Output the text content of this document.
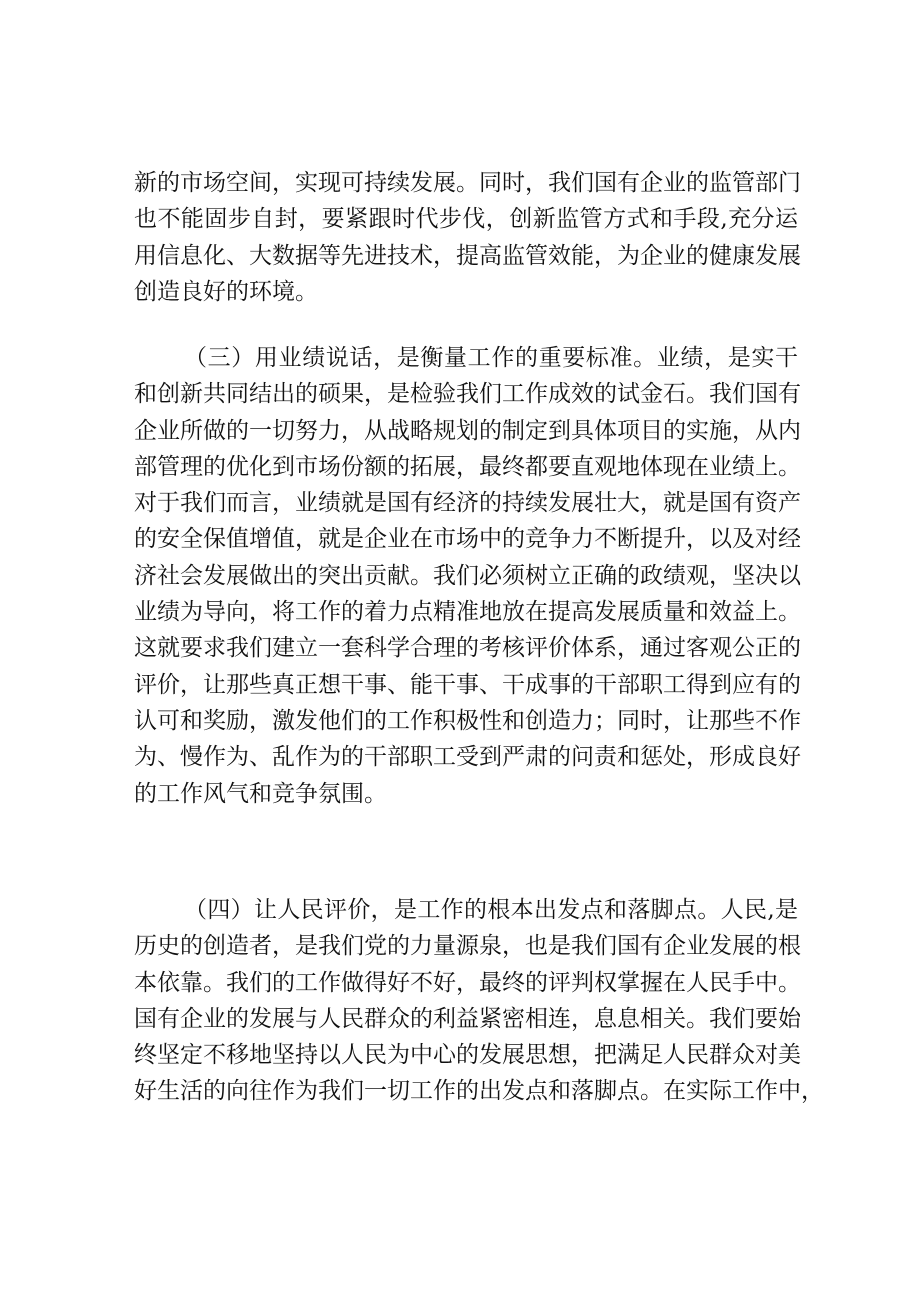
新的市场空间，实现可持续发展。同时，我们国有企业的监管部门
也不能固步自封，要紧跟时代步伐，创新监管方式和手段,充分运
用信息化、大数据等先进技术，提高监管效能，为企业的健康发展
创造良好的环境。
（三）用业绩说话，是衡量工作的重要标准。业绩，是实干
和创新共同结出的硕果，是检验我们工作成效的试金石。我们国有
企业所做的一切努力，从战略规划的制定到具体项目的实施，从内
部管理的优化到市场份额的拓展，最终都要直观地体现在业绩上。
对于我们而言，业绩就是国有经济的持续发展壮大，就是国有资产
的安全保值增值，就是企业在市场中的竞争力不断提升，以及对经
济社会发展做出的突出贡献。我们必须树立正确的政绩观，坚决以
业绩为导向，将工作的着力点精准地放在提高发展质量和效益上。
这就要求我们建立一套科学合理的考核评价体系，通过客观公正的
评价，让那些真正想干事、能干事、干成事的干部职工得到应有的
认可和奖励，激发他们的工作积极性和创造力；同时，让那些不作
为、慢作为、乱作为的干部职工受到严肃的问责和惩处，形成良好
的工作风气和竞争氛围。
（四）让人民评价，是工作的根本出发点和落脚点。人民,是
历史的创造者，是我们党的力量源泉，也是我们国有企业发展的根
本依靠。我们的工作做得好不好，最终的评判权掌握在人民手中。
国有企业的发展与人民群众的利益紧密相连，息息相关。我们要始
终坚定不移地坚持以人民为中心的发展思想，把满足人民群众对美
好生活的向往作为我们一切工作的出发点和落脚点。在实际工作中，
